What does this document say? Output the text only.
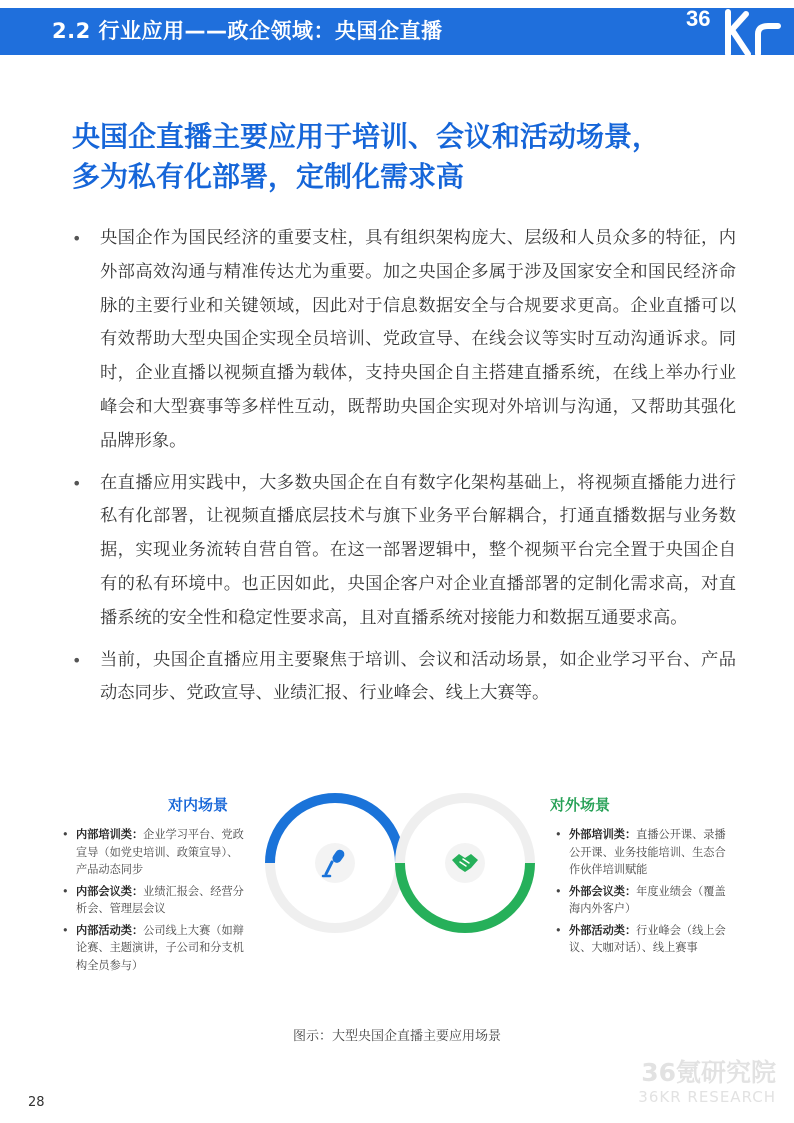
2.2 行业应用——政企领域：央国企直播	36
央国企直播主要应用于培训、会议和活动场景，
多为私有化部署，定制化需求高
• 央国企作为国民经济的重要支柱，具有组织架构庞大、层级和人员众多的特征，内外部高效沟通与精准传达尤为重要。加之央国企多属于涉及国家安全和国民经济命脉的主要行业和关键领域，因此对于信息数据安全与合规要求更高。企业直播可以有效帮助大型央国企实现全员培训、党政宣导、在线会议等实时互动沟通诉求。同时，企业直播以视频直播为载体，支持央国企自主搭建直播系统，在线上举办行业峰会和大型赛事等多样性互动，既帮助央国企实现对外培训与沟通，又帮助其强化品牌形象。
• 在直播应用实践中，大多数央国企在自有数字化架构基础上，将视频直播能力进行私有化部署，让视频直播底层技术与旗下业务平台解耦合，打通直播数据与业务数据，实现业务流转自营自管。在这一部署逻辑中，整个视频平台完全置于央国企自有的私有环境中。也正因如此，央国企客户对企业直播部署的定制化需求高，对直播系统的安全性和稳定性要求高，且对直播系统对接能力和数据互通要求高。
• 当前，央国企直播应用主要聚焦于培训、会议和活动场景，如企业学习平台、产品动态同步、党政宣导、业绩汇报、行业峰会、线上大赛等。
对内场景	对外场景
• 内部培训类：企业学习平台、党政宣导（如党史培训、政策宣导）、产品动态同步
• 内部会议类：业绩汇报会、经营分析会、管理层会议
• 内部活动类：公司线上大赛（如辩论赛、主题演讲，子公司和分支机构全员参与）
• 外部培训类：直播公开课、录播公开课、业务技能培训、生态合作伙伴培训赋能
• 外部会议类：年度业绩会（覆盖海内外客户）
• 外部活动类：行业峰会（线上会议、大咖对话）、线上赛事
图示：大型央国企直播主要应用场景
28
36氪研究院
36KR RESEARCH
